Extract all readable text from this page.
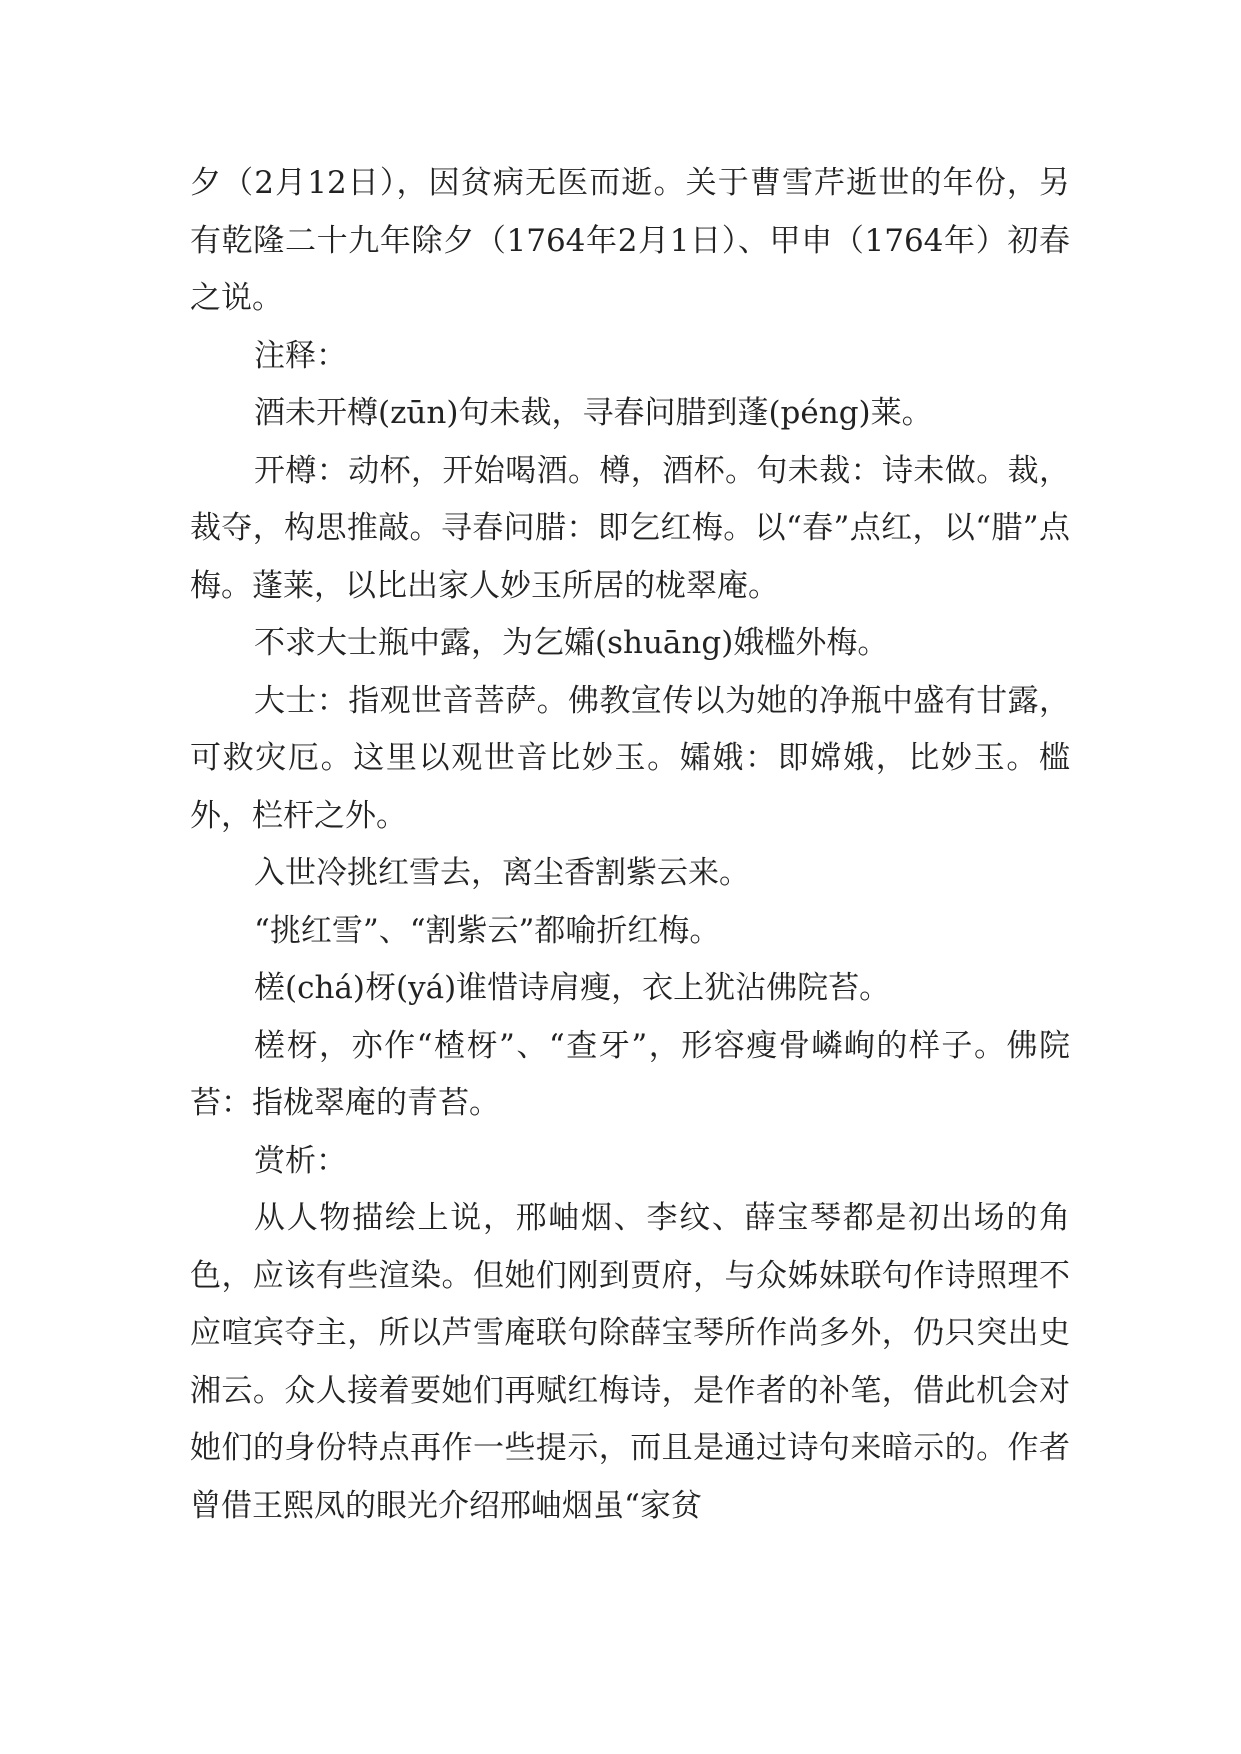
夕（2月12日），因贫病无医而逝。关于曹雪芹逝世的年份，另有乾隆二十九年除夕（1764年2月1日）、甲申（1764年）初春之说。

注释：

酒未开樽(zūn)句未裁，寻春问腊到蓬(péng)莱。

开樽：动杯，开始喝酒。樽，酒杯。句未裁：诗未做。裁，裁夺，构思推敲。寻春问腊：即乞红梅。以“春”点红，以“腊”点梅。蓬莱，以比出家人妙玉所居的栊翠庵。

不求大士瓶中露，为乞孀(shuāng)娥槛外梅。

大士：指观世音菩萨。佛教宣传以为她的净瓶中盛有甘露，可救灾厄。这里以观世音比妙玉。孀娥：即嫦娥，比妙玉。槛外，栏杆之外。

入世冷挑红雪去，离尘香割紫云来。

“挑红雪”、“割紫云”都喻折红梅。

槎(chá)枒(yá)谁惜诗肩瘦，衣上犹沾佛院苔。

槎枒，亦作“楂枒”、“查牙”，形容瘦骨嶙峋的样子。佛院苔：指栊翠庵的青苔。

赏析：

从人物描绘上说，邢岫烟、李纹、薛宝琴都是初出场的角色，应该有些渲染。但她们刚到贾府，与众姊妹联句作诗照理不应喧宾夺主，所以芦雪庵联句除薛宝琴所作尚多外，仍只突出史湘云。众人接着要她们再赋红梅诗，是作者的补笔，借此机会对她们的身份特点再作一些提示，而且是通过诗句来暗示的。作者曾借王熙凤的眼光介绍邢岫烟虽“家贫
